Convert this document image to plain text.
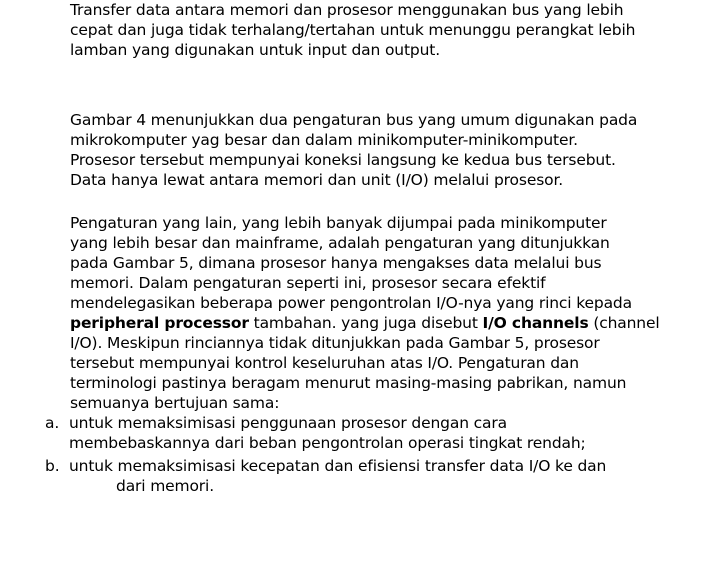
Transfer data antara memori dan prosesor menggunakan bus yang lebih
cepat dan juga tidak terhalang/tertahan untuk menunggu perangkat lebih
lamban yang digunakan untuk input dan output.
Gambar 4 menunjukkan dua pengaturan bus yang umum digunakan pada
mikrokomputer yag besar dan dalam minikomputer-minikomputer.
Prosesor tersebut mempunyai koneksi langsung ke kedua bus tersebut.
Data hanya lewat antara memori dan unit (I/O) melalui prosesor.
Pengaturan yang lain, yang lebih banyak dijumpai pada minikomputer
yang lebih besar dan mainframe, adalah pengaturan yang ditunjukkan
pada Gambar 5, dimana prosesor hanya mengakses data melalui bus
memori. Dalam pengaturan seperti ini, prosesor secara efektif
mendelegasikan beberapa power pengontrolan I/O-nya yang rinci kepada
peripheral processor tambahan. yang juga disebut I/O channels (channel
I/O). Meskipun rinciannya tidak ditunjukkan pada Gambar 5, prosesor
tersebut mempunyai kontrol keseluruhan atas I/O. Pengaturan dan
terminologi pastinya beragam menurut masing-masing pabrikan, namun
semuanya bertujuan sama:
a. untuk memaksimisasi penggunaan prosesor dengan cara
membebaskannya dari beban pengontrolan operasi tingkat rendah;
b. untuk memaksimisasi kecepatan dan efisiensi transfer data I/O ke dan
dari memori.
